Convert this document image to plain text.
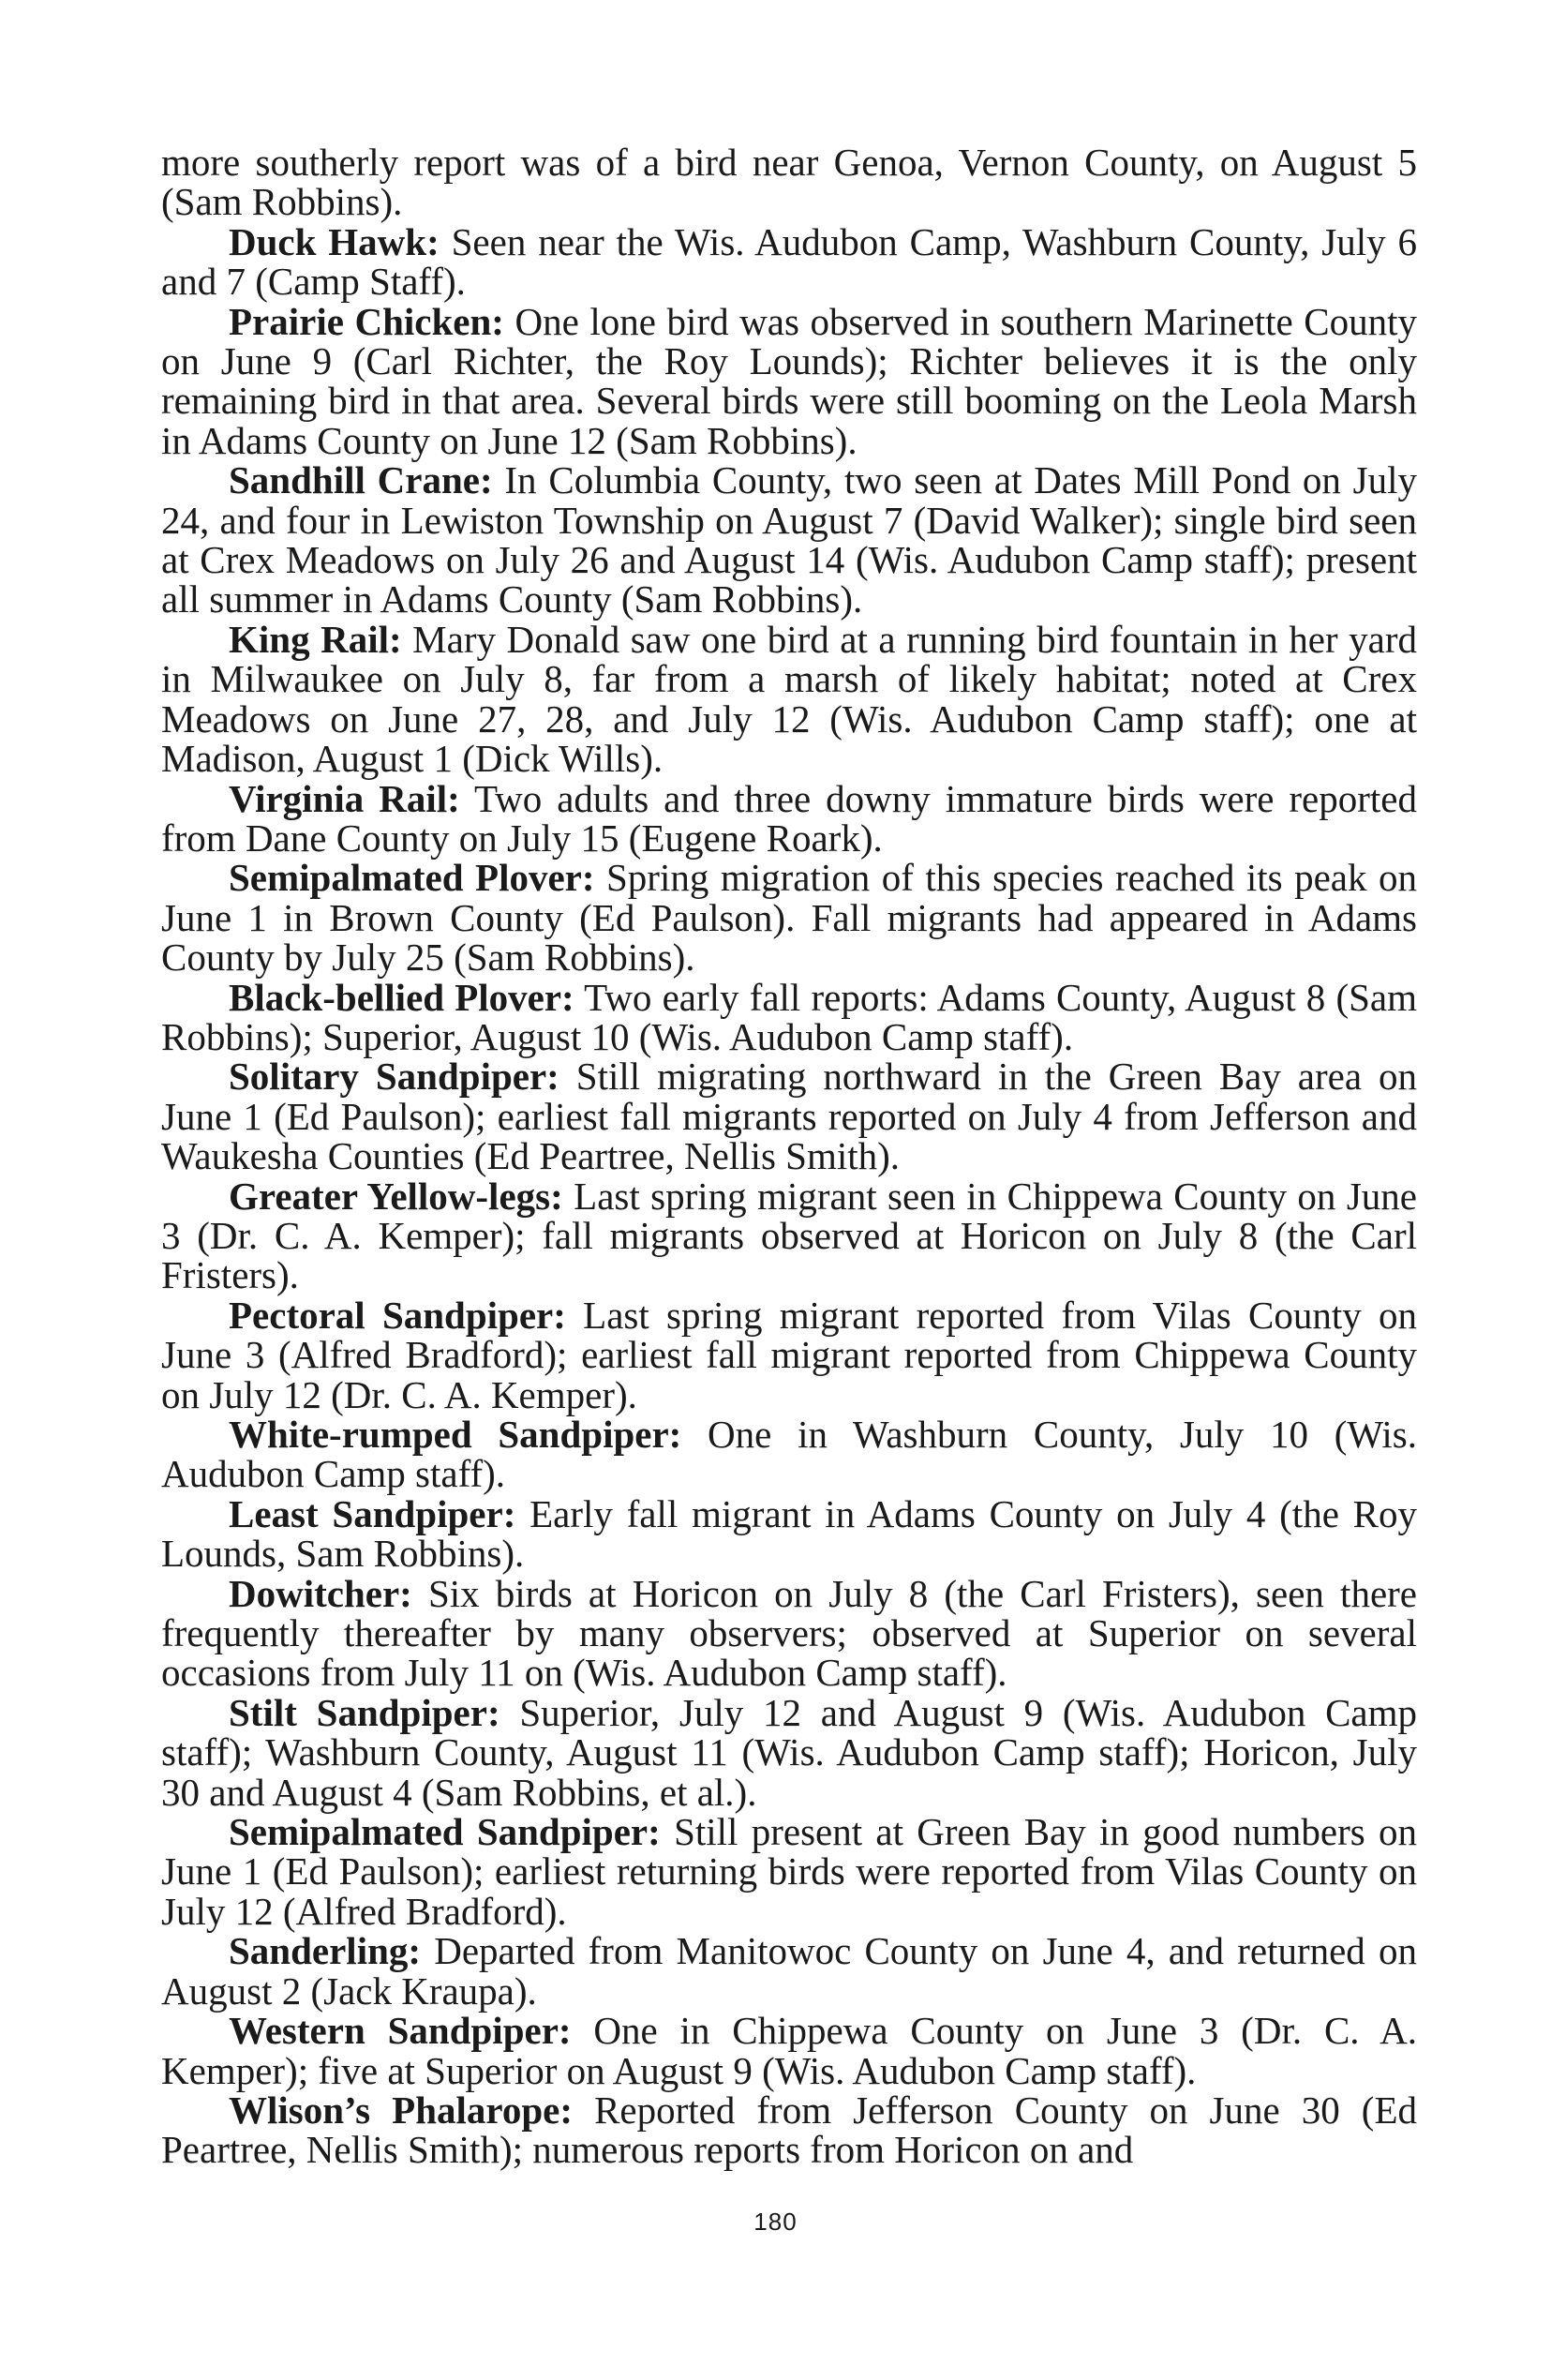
more southerly report was of a bird near Genoa, Vernon County, on August 5 (Sam Robbins).

Duck Hawk: Seen near the Wis. Audubon Camp, Washburn County, July 6 and 7 (Camp Staff).

Prairie Chicken: One lone bird was observed in southern Marinette County on June 9 (Carl Richter, the Roy Lounds); Richter believes it is the only remaining bird in that area. Several birds were still booming on the Leola Marsh in Adams County on June 12 (Sam Robbins).

Sandhill Crane: In Columbia County, two seen at Dates Mill Pond on July 24, and four in Lewiston Township on August 7 (David Walker); single bird seen at Crex Meadows on July 26 and August 14 (Wis. Audubon Camp staff); present all summer in Adams County (Sam Robbins).

King Rail: Mary Donald saw one bird at a running bird fountain in her yard in Milwaukee on July 8, far from a marsh of likely habitat; noted at Crex Meadows on June 27, 28, and July 12 (Wis. Audubon Camp staff); one at Madison, August 1 (Dick Wills).

Virginia Rail: Two adults and three downy immature birds were reported from Dane County on July 15 (Eugene Roark).

Semipalmated Plover: Spring migration of this species reached its peak on June 1 in Brown County (Ed Paulson). Fall migrants had appeared in Adams County by July 25 (Sam Robbins).

Black-bellied Plover: Two early fall reports: Adams County, August 8 (Sam Robbins); Superior, August 10 (Wis. Audubon Camp staff).

Solitary Sandpiper: Still migrating northward in the Green Bay area on June 1 (Ed Paulson); earliest fall migrants reported on July 4 from Jefferson and Waukesha Counties (Ed Peartree, Nellis Smith).

Greater Yellow-legs: Last spring migrant seen in Chippewa County on June 3 (Dr. C. A. Kemper); fall migrants observed at Horicon on July 8 (the Carl Fristers).

Pectoral Sandpiper: Last spring migrant reported from Vilas County on June 3 (Alfred Bradford); earliest fall migrant reported from Chippewa County on July 12 (Dr. C. A. Kemper).

White-rumped Sandpiper: One in Washburn County, July 10 (Wis. Audubon Camp staff).

Least Sandpiper: Early fall migrant in Adams County on July 4 (the Roy Lounds, Sam Robbins).

Dowitcher: Six birds at Horicon on July 8 (the Carl Fristers), seen there frequently thereafter by many observers; observed at Superior on several occasions from July 11 on (Wis. Audubon Camp staff).

Stilt Sandpiper: Superior, July 12 and August 9 (Wis. Audubon Camp staff); Washburn County, August 11 (Wis. Audubon Camp staff); Horicon, July 30 and August 4 (Sam Robbins, et al.).

Semipalmated Sandpiper: Still present at Green Bay in good numbers on June 1 (Ed Paulson); earliest returning birds were reported from Vilas County on July 12 (Alfred Bradford).

Sanderling: Departed from Manitowoc County on June 4, and returned on August 2 (Jack Kraupa).

Western Sandpiper: One in Chippewa County on June 3 (Dr. C. A. Kemper); five at Superior on August 9 (Wis. Audubon Camp staff).

Wlison’s Phalarope: Reported from Jefferson County on June 30 (Ed Peartree, Nellis Smith); numerous reports from Horicon on and

180
